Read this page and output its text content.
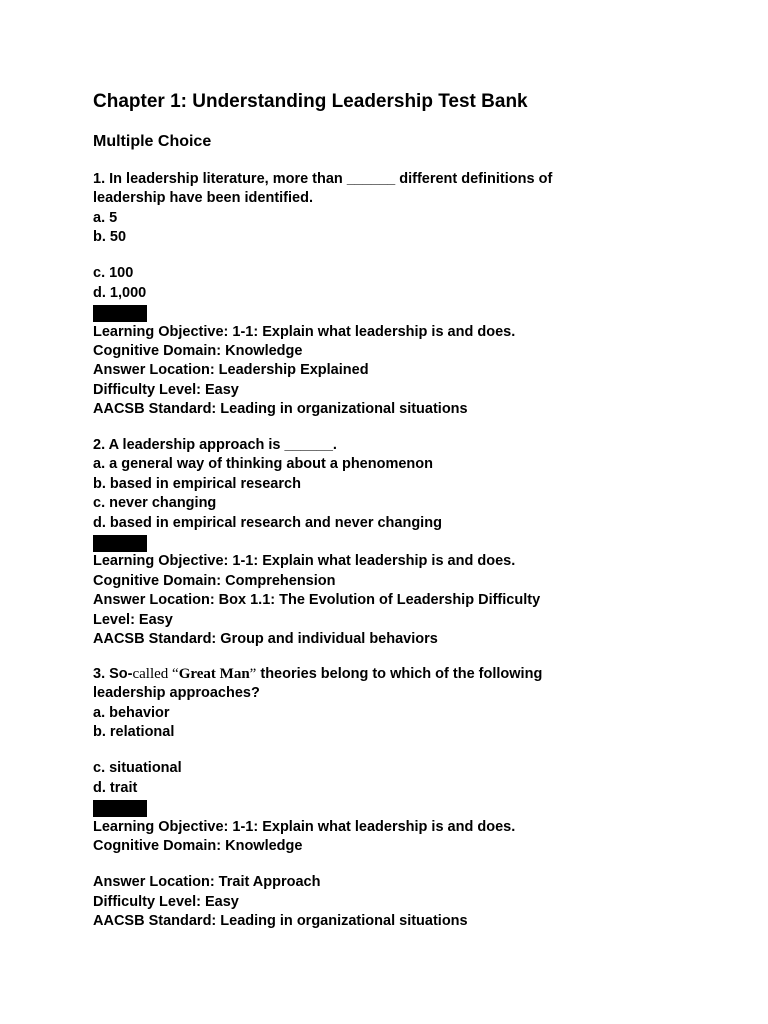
Chapter 1: Understanding Leadership Test Bank
Multiple Choice
1. In leadership literature, more than ______ different definitions of
leadership have been identified.
a. 5
b. 50
c. 100
d. 1,000
Learning Objective: 1-1: Explain what leadership is and does.
Cognitive Domain: Knowledge
Answer Location: Leadership Explained
Difficulty Level: Easy
AACSB Standard: Leading in organizational situations
2. A leadership approach is ______.
a. a general way of thinking about a phenomenon
b. based in empirical research
c. never changing
d. based in empirical research and never changing
Learning Objective: 1-1: Explain what leadership is and does.
Cognitive Domain: Comprehension
Answer Location: Box 1.1: The Evolution of Leadership Difficulty
Level: Easy
AACSB Standard: Group and individual behaviors
3. So-called “Great Man” theories belong to which of the following
leadership approaches?
a. behavior
b. relational
c. situational
d. trait
Learning Objective: 1-1: Explain what leadership is and does.
Cognitive Domain: Knowledge
Answer Location: Trait Approach
Difficulty Level: Easy
AACSB Standard: Leading in organizational situations
